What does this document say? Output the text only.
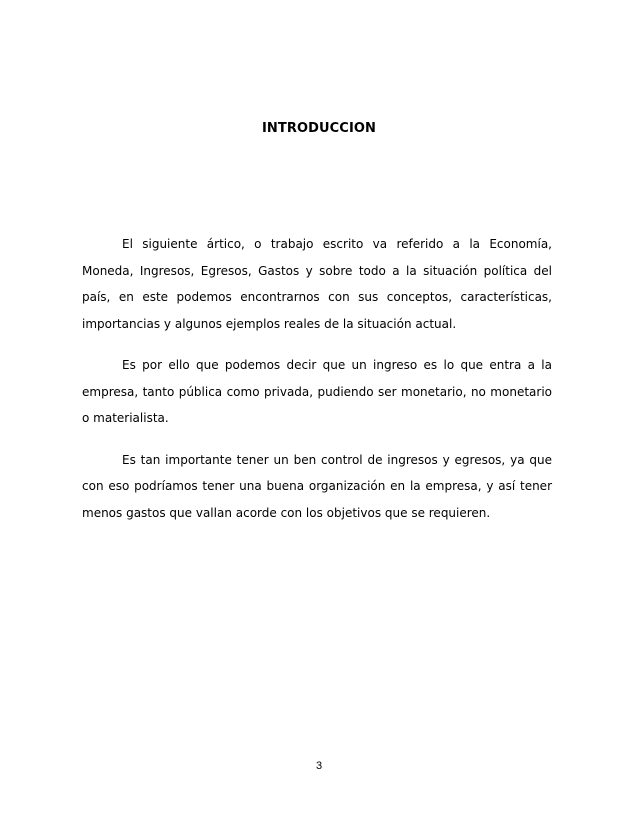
INTRODUCCION

El siguiente ártico, o trabajo escrito va referido a la Economía, Moneda, Ingresos, Egresos, Gastos y sobre todo a la situación política del país, en este podemos encontrarnos con sus conceptos, características, importancias y algunos ejemplos reales de la situación actual.

Es por ello que podemos decir que un ingreso es lo que entra a la empresa, tanto pública como privada, pudiendo ser monetario, no monetario o materialista.

Es tan importante tener un ben control de ingresos y egresos, ya que con eso podríamos tener una buena organización en la empresa, y así tener menos gastos que vallan acorde con los objetivos que se requieren.

3
